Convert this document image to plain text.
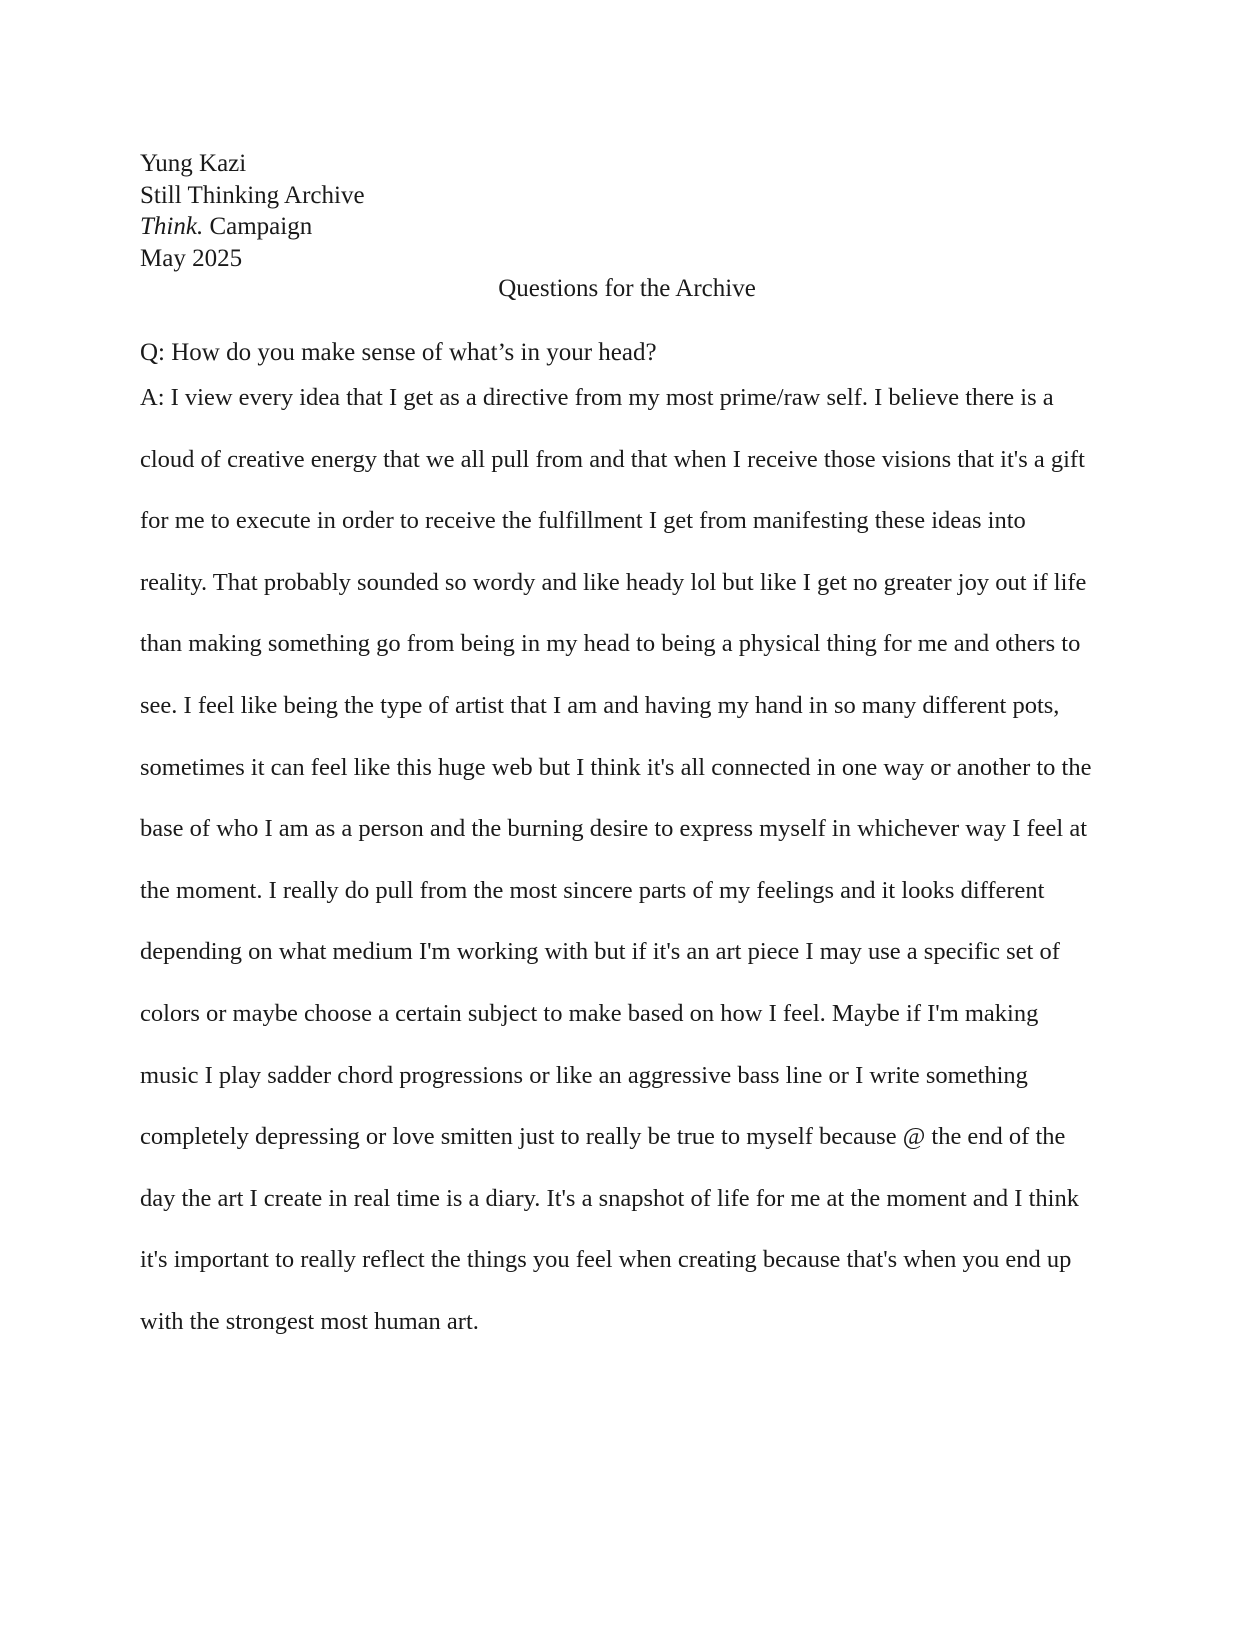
Yung Kazi
Still Thinking Archive
Think. Campaign
May 2025
Questions for the Archive
Q: How do you make sense of what’s in your head?
A: I view every idea that I get as a directive from my most prime/raw self. I believe there is a
cloud of creative energy that we all pull from and that when I receive those visions that it's a gift
for me to execute in order to receive the fulfillment I get from manifesting these ideas into
reality. That probably sounded so wordy and like heady lol but like I get no greater joy out if life
than making something go from being in my head to being a physical thing for me and others to
see. I feel like being the type of artist that I am and having my hand in so many different pots,
sometimes it can feel like this huge web but I think it's all connected in one way or another to the
base of who I am as a person and the burning desire to express myself in whichever way I feel at
the moment. I really do pull from the most sincere parts of my feelings and it looks different
depending on what medium I'm working with but if it's an art piece I may use a specific set of
colors or maybe choose a certain subject to make based on how I feel. Maybe if I'm making
music I play sadder chord progressions or like an aggressive bass line or I write something
completely depressing or love smitten just to really be true to myself because @ the end of the
day the art I create in real time is a diary. It's a snapshot of life for me at the moment and I think
it's important to really reflect the things you feel when creating because that's when you end up
with the strongest most human art.
